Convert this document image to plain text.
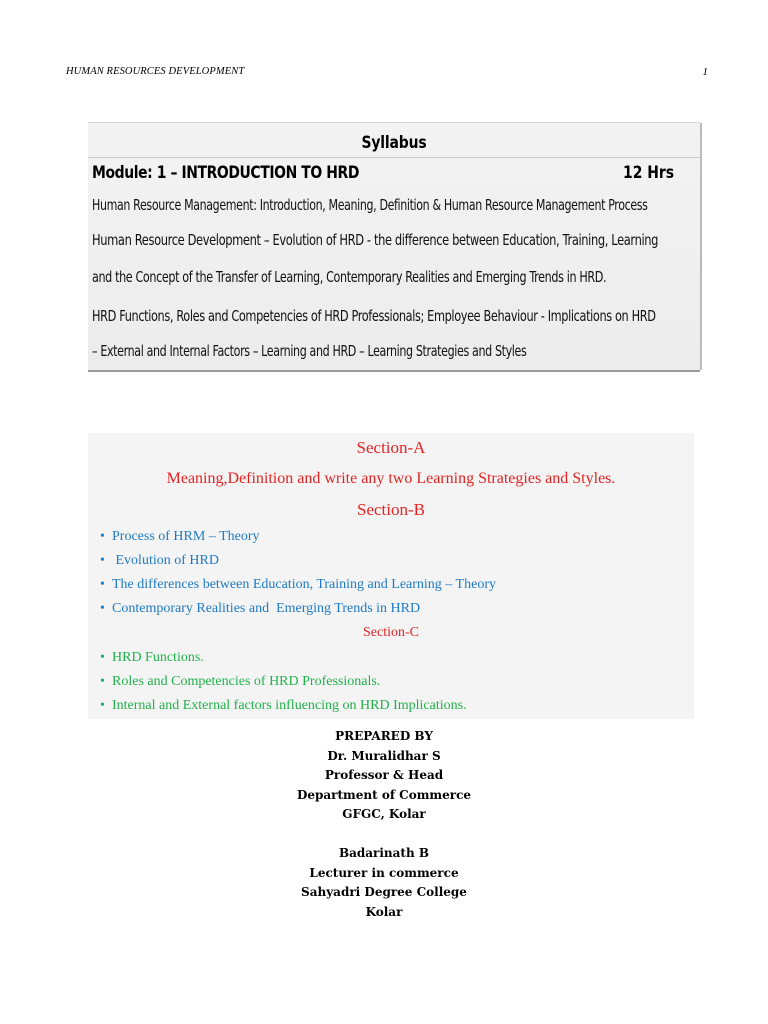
HUMAN RESOURCES DEVELOPMENT	1
Syllabus
Module: 1 – INTRODUCTION TO HRD	12 Hrs
Human Resource Management: Introduction, Meaning, Definition & Human Resource Management Process
Human Resource Development – Evolution of HRD - the difference between Education, Training, Learning
and the Concept of the Transfer of Learning, Contemporary Realities and Emerging Trends in HRD.
HRD Functions, Roles and Competencies of HRD Professionals; Employee Behaviour - Implications on HRD
– External and Internal Factors – Learning and HRD – Learning Strategies and Styles
Section-A
Meaning,Definition and write any two Learning Strategies and Styles.
Section-B
• Process of HRM – Theory
•  Evolution of HRD
• The differences between Education, Training and Learning – Theory
• Contemporary Realities and  Emerging Trends in HRD
Section-C
• HRD Functions.
• Roles and Competencies of HRD Professionals.
• Internal and External factors influencing on HRD Implications.
PREPARED BY
Dr. Muralidhar S
Professor & Head
Department of Commerce
GFGC, Kolar
Badarinath B
Lecturer in commerce
Sahyadri Degree College
Kolar
